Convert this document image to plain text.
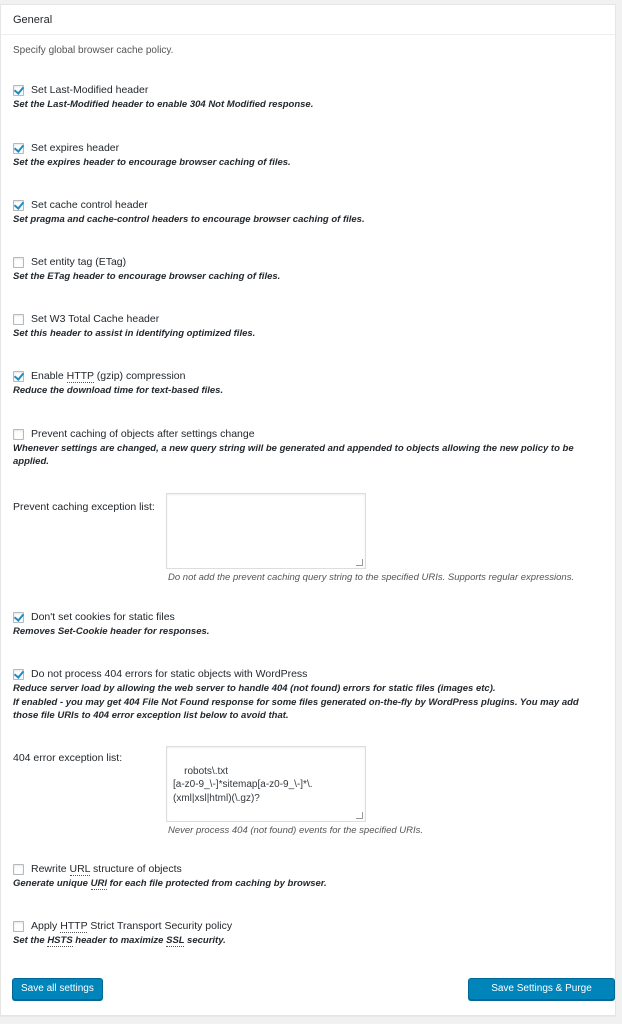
General
Specify global browser cache policy.
Set Last-Modified header
Set the Last-Modified header to enable 304 Not Modified response.
Set expires header
Set the expires header to encourage browser caching of files.
Set cache control header
Set pragma and cache-control headers to encourage browser caching of files.
Set entity tag (ETag)
Set the ETag header to encourage browser caching of files.
Set W3 Total Cache header
Set this header to assist in identifying optimized files.
Enable HTTP (gzip) compression
Reduce the download time for text-based files.
Prevent caching of objects after settings change
Whenever settings are changed, a new query string will be generated and appended to objects allowing the new policy to be applied.
Prevent caching exception list:

Do not add the prevent caching query string to the specified URIs. Supports regular expressions.
Don't set cookies for static files
Removes Set-Cookie header for responses.
Do not process 404 errors for static objects with WordPress
Reduce server load by allowing the web server to handle 404 (not found) errors for static files (images etc).
If enabled - you may get 404 File Not Found response for some files generated on-the-fly by WordPress plugins. You may add those file URIs to 404 error exception list below to avoid that.
404 error exception list:

robots\.txt
[a-z0-9_\-]*sitemap[a-z0-9_\-]*\.(xml|xsl|html)(\.gz)?

Never process 404 (not found) events for the specified URIs.
Rewrite URL structure of objects
Generate unique URI for each file protected from caching by browser.
Apply HTTP Strict Transport Security policy
Set the HSTS header to maximize SSL security.
Save all settings	Save Settings & Purge Caches
